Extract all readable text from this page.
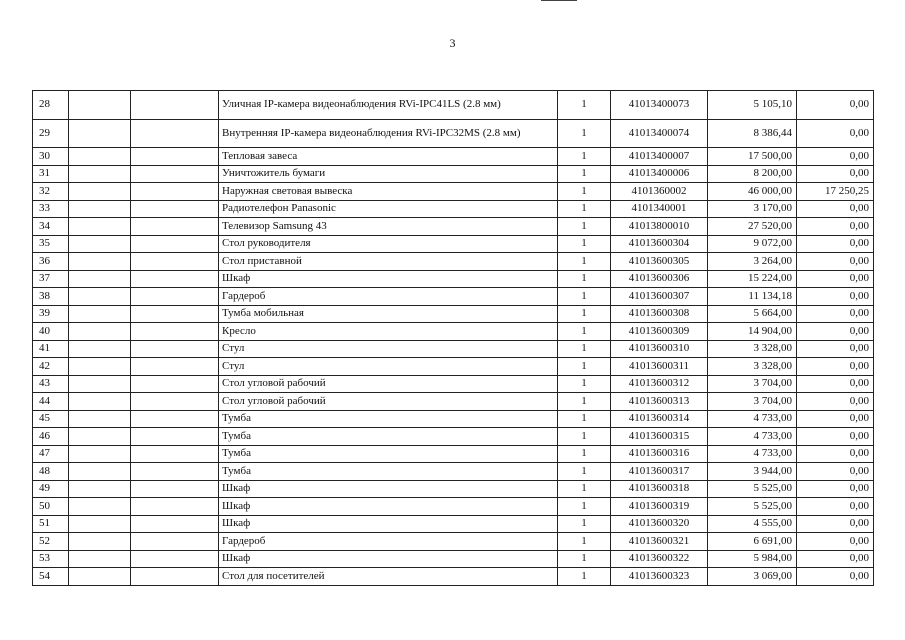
3
28			Уличная IP-камера видеонаблюдения RVi-IPC41LS (2.8 мм)	1	41013400073	5 105,10	0,00
29			Внутренняя IP-камера видеонаблюдения RVi-IPC32MS (2.8 мм)	1	41013400074	8 386,44	0,00
30			Тепловая завеса	1	41013400007	17 500,00	0,00
31			Уничтожитель бумаги	1	41013400006	8 200,00	0,00
32			Наружная световая вывеска	1	4101360002	46 000,00	17 250,25
33			Радиотелефон Panasonic	1	4101340001	3 170,00	0,00
34			Телевизор Samsung 43	1	41013800010	27 520,00	0,00
35			Стол руководителя	1	41013600304	9 072,00	0,00
36			Стол приставной	1	41013600305	3 264,00	0,00
37			Шкаф	1	41013600306	15 224,00	0,00
38			Гардероб	1	41013600307	11 134,18	0,00
39			Тумба мобильная	1	41013600308	5 664,00	0,00
40			Кресло	1	41013600309	14 904,00	0,00
41			Стул	1	41013600310	3 328,00	0,00
42			Стул	1	41013600311	3 328,00	0,00
43			Стол угловой рабочий	1	41013600312	3 704,00	0,00
44			Стол угловой рабочий	1	41013600313	3 704,00	0,00
45			Тумба	1	41013600314	4 733,00	0,00
46			Тумба	1	41013600315	4 733,00	0,00
47			Тумба	1	41013600316	4 733,00	0,00
48			Тумба	1	41013600317	3 944,00	0,00
49			Шкаф	1	41013600318	5 525,00	0,00
50			Шкаф	1	41013600319	5 525,00	0,00
51			Шкаф	1	41013600320	4 555,00	0,00
52			Гардероб	1	41013600321	6 691,00	0,00
53			Шкаф	1	41013600322	5 984,00	0,00
54			Стол для посетителей	1	41013600323	3 069,00	0,00
